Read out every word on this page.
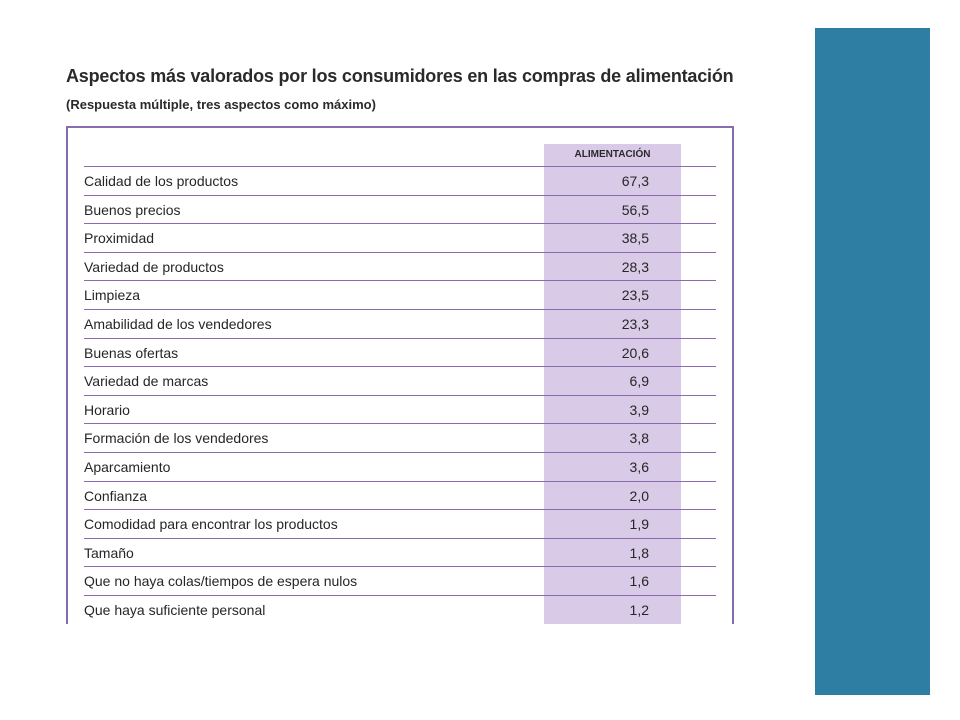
Aspectos más valorados por los consumidores en las compras de alimentación
(Respuesta múltiple, tres aspectos como máximo)
ALIMENTACIÓN
Calidad de los productos	67,3
Buenos precios	56,5
Proximidad	38,5
Variedad de productos	28,3
Limpieza	23,5
Amabilidad de los vendedores	23,3
Buenas ofertas	20,6
Variedad de marcas	6,9
Horario	3,9
Formación de los vendedores	3,8
Aparcamiento	3,6
Confianza	2,0
Comodidad para encontrar los productos	1,9
Tamaño	1,8
Que no haya colas/tiempos de espera nulos	1,6
Que haya suficiente personal	1,2
